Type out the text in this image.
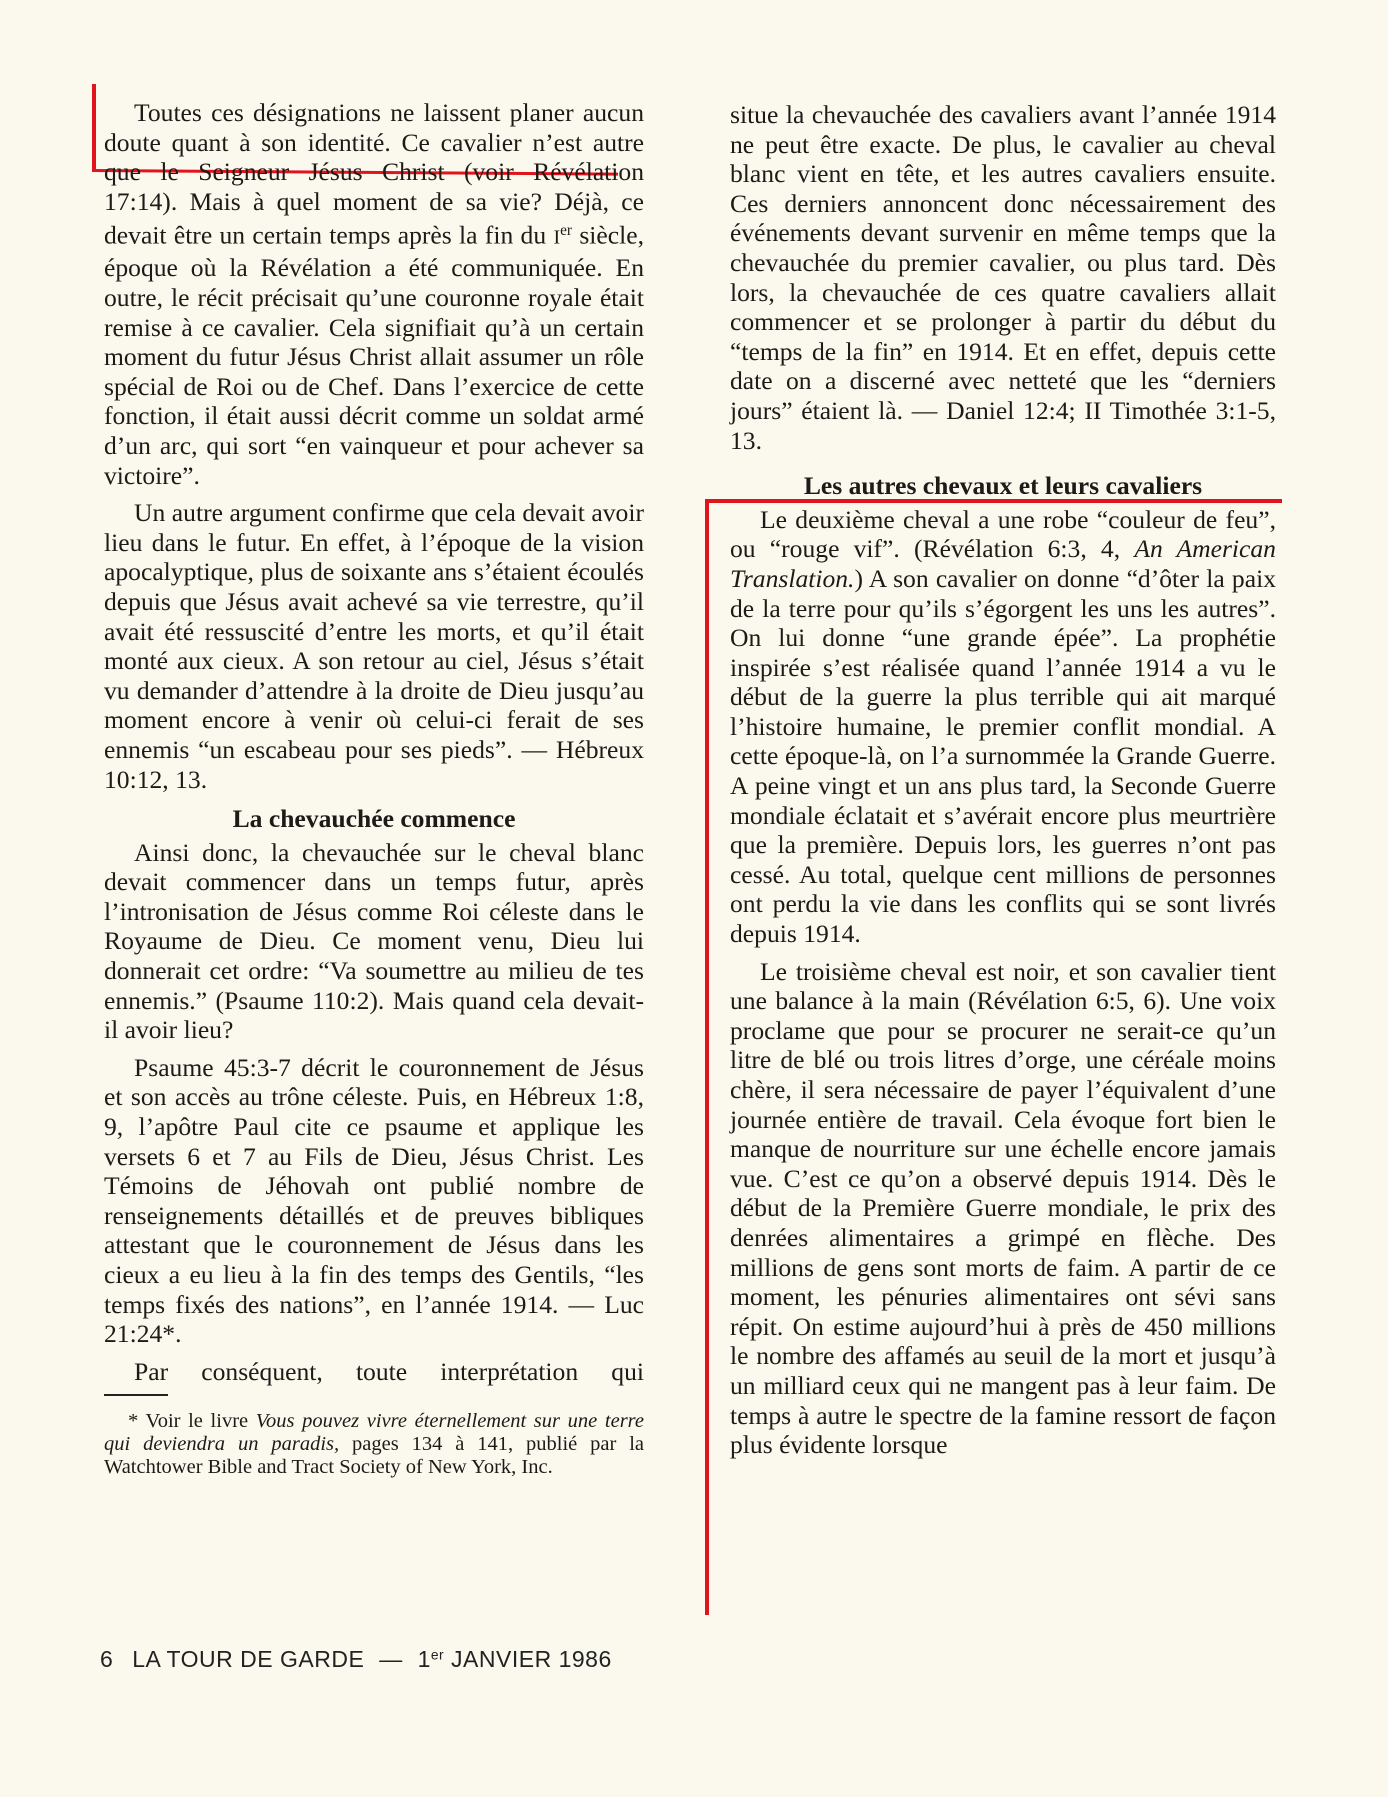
Toutes ces désignations ne laissent planer aucun doute quant à son identité. Ce cavalier n’est autre que le Seigneur Jésus Christ (voir Révélation 17:14). Mais à quel moment de sa vie? Déjà, ce devait être un certain temps après la fin du Ier siècle, époque où la Révélation a été communiquée. En outre, le récit précisait qu’une couronne royale était remise à ce cavalier. Cela signifiait qu’à un certain moment du futur Jésus Christ allait assumer un rôle spécial de Roi ou de Chef. Dans l’exercice de cette fonction, il était aussi décrit comme un soldat armé d’un arc, qui sort “en vainqueur et pour achever sa victoire”.

Un autre argument confirme que cela devait avoir lieu dans le futur. En effet, à l’époque de la vision apocalyptique, plus de soixante ans s’étaient écoulés depuis que Jésus avait achevé sa vie terrestre, qu’il avait été ressuscité d’entre les morts, et qu’il était monté aux cieux. A son retour au ciel, Jésus s’était vu demander d’attendre à la droite de Dieu jusqu’au moment encore à venir où celui-ci ferait de ses ennemis “un escabeau pour ses pieds”. — Hébreux 10:12, 13.

La chevauchée commence

Ainsi donc, la chevauchée sur le cheval blanc devait commencer dans un temps futur, après l’intronisation de Jésus comme Roi céleste dans le Royaume de Dieu. Ce moment venu, Dieu lui donnerait cet ordre: “Va soumettre au milieu de tes ennemis.” (Psaume 110:2). Mais quand cela devait-il avoir lieu?

Psaume 45:3-7 décrit le couronnement de Jésus et son accès au trône céleste. Puis, en Hébreux 1:8, 9, l’apôtre Paul cite ce psaume et applique les versets 6 et 7 au Fils de Dieu, Jésus Christ. Les Témoins de Jéhovah ont publié nombre de renseignements détaillés et de preuves bibliques attestant que le couronnement de Jésus dans les cieux a eu lieu à la fin des temps des Gentils, “les temps fixés des nations”, en l’année 1914. — Luc 21:24*.

Par conséquent, toute interprétation qui

* Voir le livre Vous pouvez vivre éternellement sur une terre qui deviendra un paradis, pages 134 à 141, publié par la Watchtower Bible and Tract Society of New York, Inc.

situe la chevauchée des cavaliers avant l’année 1914 ne peut être exacte. De plus, le cavalier au cheval blanc vient en tête, et les autres cavaliers ensuite. Ces derniers annoncent donc nécessairement des événements devant survenir en même temps que la chevauchée du premier cavalier, ou plus tard. Dès lors, la chevauchée de ces quatre cavaliers allait commencer et se prolonger à partir du début du “temps de la fin” en 1914. Et en effet, depuis cette date on a discerné avec netteté que les “derniers jours” étaient là. — Daniel 12:4; II Timothée 3:1-5, 13.

Les autres chevaux et leurs cavaliers

Le deuxième cheval a une robe “couleur de feu”, ou “rouge vif”. (Révélation 6:3, 4, An American Translation.) A son cavalier on donne “d’ôter la paix de la terre pour qu’ils s’égorgent les uns les autres”. On lui donne “une grande épée”. La prophétie inspirée s’est réalisée quand l’année 1914 a vu le début de la guerre la plus terrible qui ait marqué l’histoire humaine, le premier conflit mondial. A cette époque-là, on l’a surnommée la Grande Guerre. A peine vingt et un ans plus tard, la Seconde Guerre mondiale éclatait et s’avérait encore plus meurtrière que la première. Depuis lors, les guerres n’ont pas cessé. Au total, quelque cent millions de personnes ont perdu la vie dans les conflits qui se sont livrés depuis 1914.

Le troisième cheval est noir, et son cavalier tient une balance à la main (Révélation 6:5, 6). Une voix proclame que pour se procurer ne serait-ce qu’un litre de blé ou trois litres d’orge, une céréale moins chère, il sera nécessaire de payer l’équivalent d’une journée entière de travail. Cela évoque fort bien le manque de nourriture sur une échelle encore jamais vue. C’est ce qu’on a observé depuis 1914. Dès le début de la Première Guerre mondiale, le prix des denrées alimentaires a grimpé en flèche. Des millions de gens sont morts de faim. A partir de ce moment, les pénuries alimentaires ont sévi sans répit. On estime aujourd’hui à près de 450 millions le nombre des affamés au seuil de la mort et jusqu’à un milliard ceux qui ne mangent pas à leur faim. De temps à autre le spectre de la famine ressort de façon plus évidente lorsque

6 LA TOUR DE GARDE — 1er JANVIER 1986
